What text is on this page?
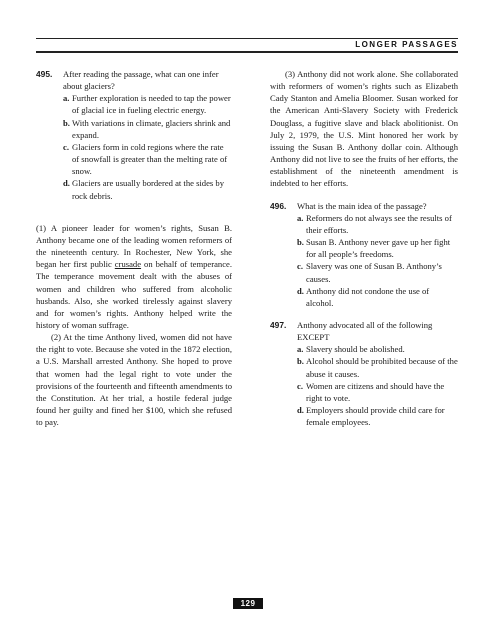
LONGER PASSAGES
495. After reading the passage, what can one infer about glaciers?
a. Further exploration is needed to tap the power of glacial ice in fueling electric energy.
b. With variations in climate, glaciers shrink and expand.
c. Glaciers form in cold regions where the rate of snowfall is greater than the melting rate of snow.
d. Glaciers are usually bordered at the sides by rock debris.

(1) A pioneer leader for women’s rights, Susan B. Anthony became one of the leading women reformers of the nineteenth century. In Rochester, New York, she began her first public crusade on behalf of temperance. The temperance movement dealt with the abuses of women and children who suffered from alcoholic husbands. Also, she worked tirelessly against slavery and for women’s rights. Anthony helped write the history of woman suffrage.

(2) At the time Anthony lived, women did not have the right to vote. Because she voted in the 1872 election, a U.S. Marshall arrested Anthony. She hoped to prove that women had the legal right to vote under the provisions of the fourteenth and fifteenth amendments to the Constitution. At her trial, a hostile federal judge found her guilty and fined her $100, which she refused to pay.

(3) Anthony did not work alone. She collaborated with reformers of women’s rights such as Elizabeth Cady Stanton and Amelia Bloomer. Susan worked for the American Anti-Slavery Society with Frederick Douglass, a fugitive slave and black abolitionist. On July 2, 1979, the U.S. Mint honored her work by issuing the Susan B. Anthony dollar coin. Although Anthony did not live to see the fruits of her efforts, the establishment of the nineteenth amendment is indebted to her efforts.

496. What is the main idea of the passage?
a. Reformers do not always see the results of their efforts.
b. Susan B. Anthony never gave up her fight for all people’s freedoms.
c. Slavery was one of Susan B. Anthony’s causes.
d. Anthony did not condone the use of alcohol.
497. Anthony advocated all of the following EXCEPT
a. Slavery should be abolished.
b. Alcohol should be prohibited because of the abuse it causes.
c. Women are citizens and should have the right to vote.
d. Employers should provide child care for female employees.
129
